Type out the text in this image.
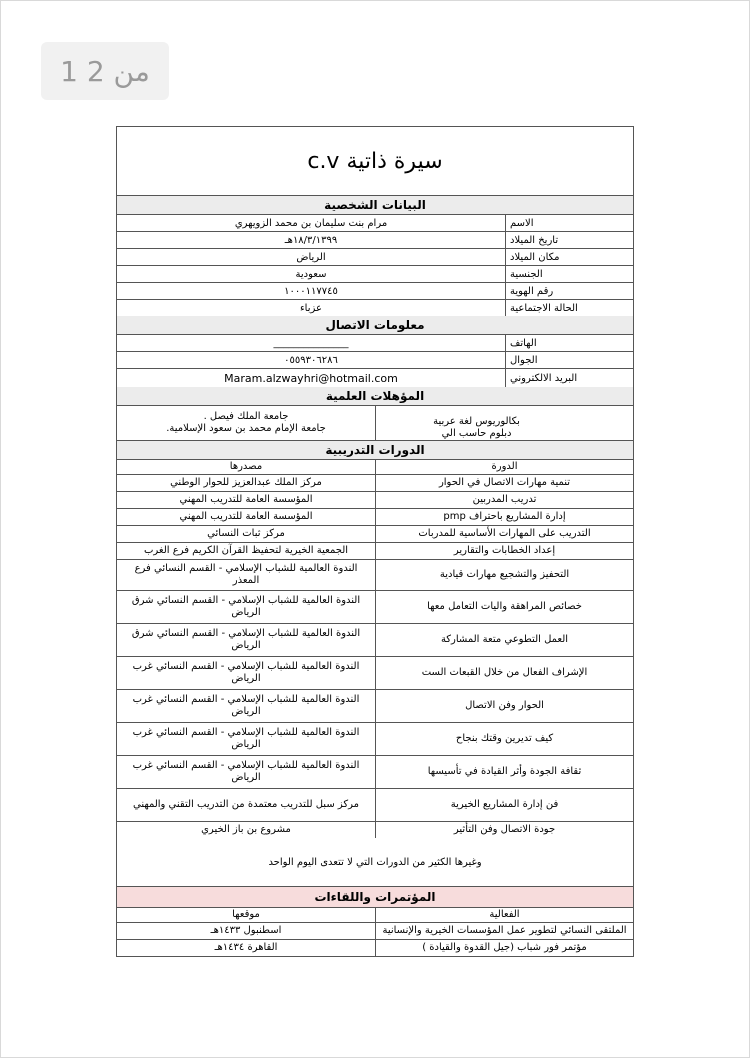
1 من 2
سيرة ذاتية c.v
البيانات الشخصية
الاسم
مرام بنت سليمان بن محمد الزويهري
تاريخ الميلاد
١٨/٣/١٣٩٩هـ
مكان الميلاد
الرياض
الجنسية
سعودية
رقم الهوية
١٠٠٠١١٧٧٤٥
الحالة الاجتماعية
عزباء
معلومات الاتصال
الهاتف
_______________
الجوال
٠٥٥٩٣٠٦٢٨٦
البريد الالكتروني
Maram.alzwayhri@hotmail.com
المؤهلات العلمية
بكالوريوس لغة عربية
دبلوم حاسب الي
جامعة الملك فيصل .
جامعة الإمام محمد بن سعود الإسلامية.
الدورات التدريبية
الدورة
مصدرها
تنمية مهارات الاتصال في الحوار
مركز الملك عبدالعزيز للحوار الوطني
تدريب المدربين
المؤسسة العامة للتدريب المهني
إدارة المشاريع باحتراف pmp
المؤسسة العامة للتدريب المهني
التدريب على المهارات الأساسية للمدربات
مركز ثبات النسائي
إعداد الخطابات والتقارير
الجمعية الخيرية لتحفيظ القرآن الكريم فرع الغرب
التحفيز والتشجيع مهارات قيادية
الندوة العالمية للشباب الإسلامي - القسم النسائي فرع المعذر
خصائص المراهقة واليات التعامل معها
الندوة العالمية للشباب الإسلامي - القسم النسائي شرق الرياض
العمل التطوعي متعة المشاركة
الندوة العالمية للشباب الإسلامي - القسم النسائي شرق الرياض
الإشراف الفعال من خلال القبعات الست
الندوة العالمية للشباب الإسلامي - القسم النسائي غرب الرياض
الحوار وفن الاتصال
الندوة العالمية للشباب الإسلامي - القسم النسائي غرب الرياض
كيف تديرين وقتك بنجاح
الندوة العالمية للشباب الإسلامي - القسم النسائي غرب الرياض
ثقافة الجودة وأثر القيادة في تأسيسها
الندوة العالمية للشباب الإسلامي - القسم النسائي غرب الرياض
فن إدارة المشاريع الخيرية
مركز سبل للتدريب معتمدة من التدريب التقني والمهني
جودة الاتصال وفن التأثير
مشروع بن باز الخيري
وغيرها الكثير من الدورات التي لا تتعدى اليوم الواحد
المؤتمرات واللقاءات
الفعالية
موقعها
الملتقى النسائي لتطوير عمل المؤسسات الخيرية والإنسانية
اسطنبول ١٤٣٣هـ
مؤتمر فور شباب (جيل القدوة والقيادة )
القاهرة ١٤٣٤هـ
